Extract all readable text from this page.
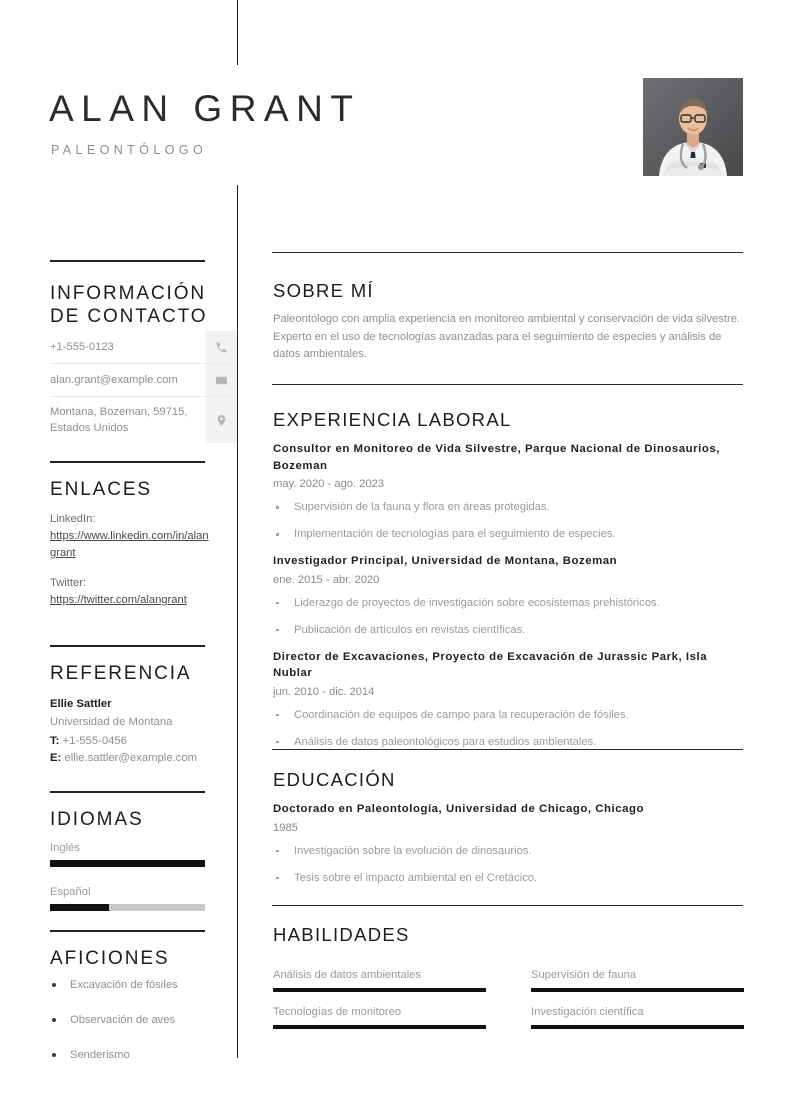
ALAN GRANT
PALEONTÓLOGO
INFORMACIÓN DE CONTACTO
+1-555-0123
alan.grant@example.com
Montana, Bozeman, 59715, Estados Unidos
ENLACES
LinkedIn:
https://www.linkedin.com/in/alangrant
Twitter:
https://twitter.com/alangrant
REFERENCIA
Ellie Sattler
Universidad de Montana
T: +1-555-0456
E: ellie.sattler@example.com
IDIOMAS
Inglés
Español
AFICIONES
Excavación de fósiles
Observación de aves
Senderismo
SOBRE MÍ
Paleontólogo con amplia experiencia en monitoreo ambiental y conservación de vida silvestre. Experto en el uso de tecnologías avanzadas para el seguimiento de especies y análisis de datos ambientales.
EXPERIENCIA LABORAL
Consultor en Monitoreo de Vida Silvestre, Parque Nacional de Dinosaurios, Bozeman
may. 2020 - ago. 2023
Supervisión de la fauna y flora en áreas protegidas.
Implementación de tecnologías para el seguimiento de especies.
Investigador Principal, Universidad de Montana, Bozeman
ene. 2015 - abr. 2020
Liderazgo de proyectos de investigación sobre ecosistemas prehistóricos.
Publicación de artículos en revistas científicas.
Director de Excavaciones, Proyecto de Excavación de Jurassic Park, Isla Nublar
jun. 2010 - dic. 2014
Coordinación de equipos de campo para la recuperación de fósiles.
Análisis de datos paleontológicos para estudios ambientales.
EDUCACIÓN
Doctorado en Paleontología, Universidad de Chicago, Chicago
1985
Investigación sobre la evolución de dinosaurios.
Tesis sobre el impacto ambiental en el Cretácico.
HABILIDADES
Análisis de datos ambientales	Supervisión de fauna
Tecnologías de monitoreo	Investigación científica
